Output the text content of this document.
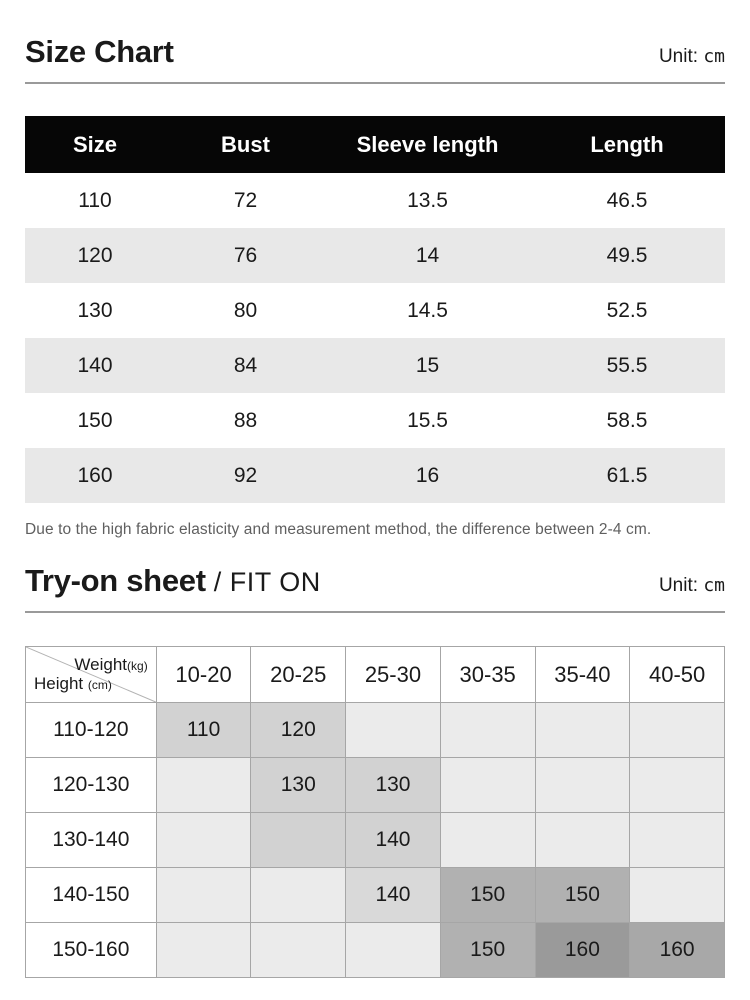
Size Chart	Unit: cm
Size	Bust	Sleeve length	Length
110	72	13.5	46.5
120	76	14	49.5
130	80	14.5	52.5
140	84	15	55.5
150	88	15.5	58.5
160	92	16	61.5
Due to the high fabric elasticity and measurement method, the difference between 2-4 cm.
Try-on sheet / FIT ON	Unit: cm
Weight(kg)
Height (cm)	10-20	20-25	25-30	30-35	35-40	40-50
110-120	110	120				
120-130		130	130			
130-140			140			
140-150			140	150	150	
150-160				150	160	160
